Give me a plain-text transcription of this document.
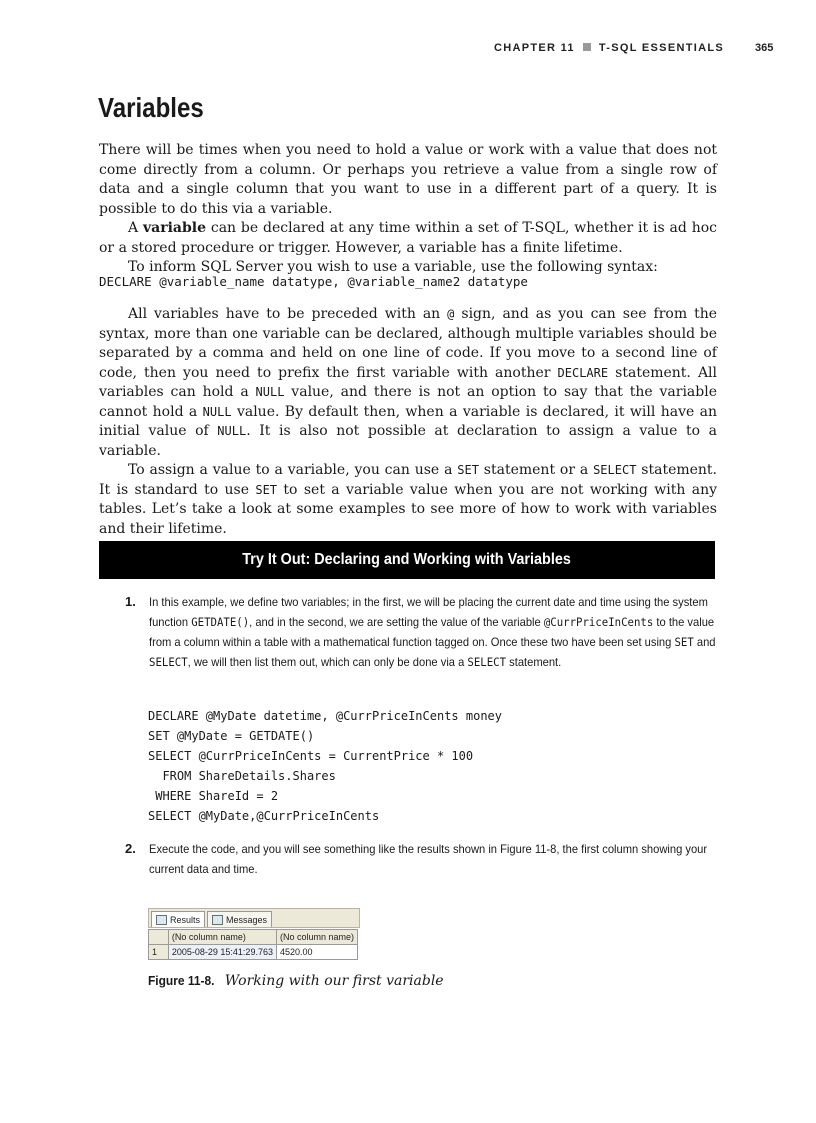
CHAPTER 11 T-SQL ESSENTIALS	365
Variables

There will be times when you need to hold a value or work with a value that does not come directly from a column. Or perhaps you retrieve a value from a single row of data and a single column that you want to use in a different part of a query. It is possible to do this via a variable.

A variable can be declared at any time within a set of T-SQL, whether it is ad hoc or a stored procedure or trigger. However, a variable has a finite lifetime.

To inform SQL Server you wish to use a variable, use the following syntax:

DECLARE @variable_name datatype, @variable_name2 datatype

All variables have to be preceded with an @ sign, and as you can see from the syntax, more than one variable can be declared, although multiple variables should be separated by a comma and held on one line of code. If you move to a second line of code, then you need to prefix the first variable with another DECLARE statement. All variables can hold a NULL value, and there is not an option to say that the variable cannot hold a NULL value. By default then, when a variable is declared, it will have an initial value of NULL. It is also not possible at declaration to assign a value to a variable.

To assign a value to a variable, you can use a SET statement or a SELECT statement. It is standard to use SET to set a variable value when you are not working with any tables. Let’s take a look at some examples to see more of how to work with variables and their lifetime.

Try It Out: Declaring and Working with Variables
1. In this example, we define two variables; in the first, we will be placing the current date and time using the system function GETDATE(), and in the second, we are setting the value of the variable @CurrPriceInCents to the value from a column within a table with a mathematical function tagged on. Once these two have been set using SET and SELECT, we will then list them out, which can only be done via a SELECT statement.
DECLARE @MyDate datetime, @CurrPriceInCents money
SET @MyDate = GETDATE()
SELECT @CurrPriceInCents = CurrentPrice * 100
FROM ShareDetails.Shares
WHERE ShareId = 2
SELECT @MyDate,@CurrPriceInCents
2. Execute the code, and you will see something like the results shown in Figure 11-8, the first column showing your current data and time.
Results	Messages
	(No column name)	(No column name)
1	2005-08-29 15:41:29.763	4520.00
Figure 11-8. Working with our first variable
